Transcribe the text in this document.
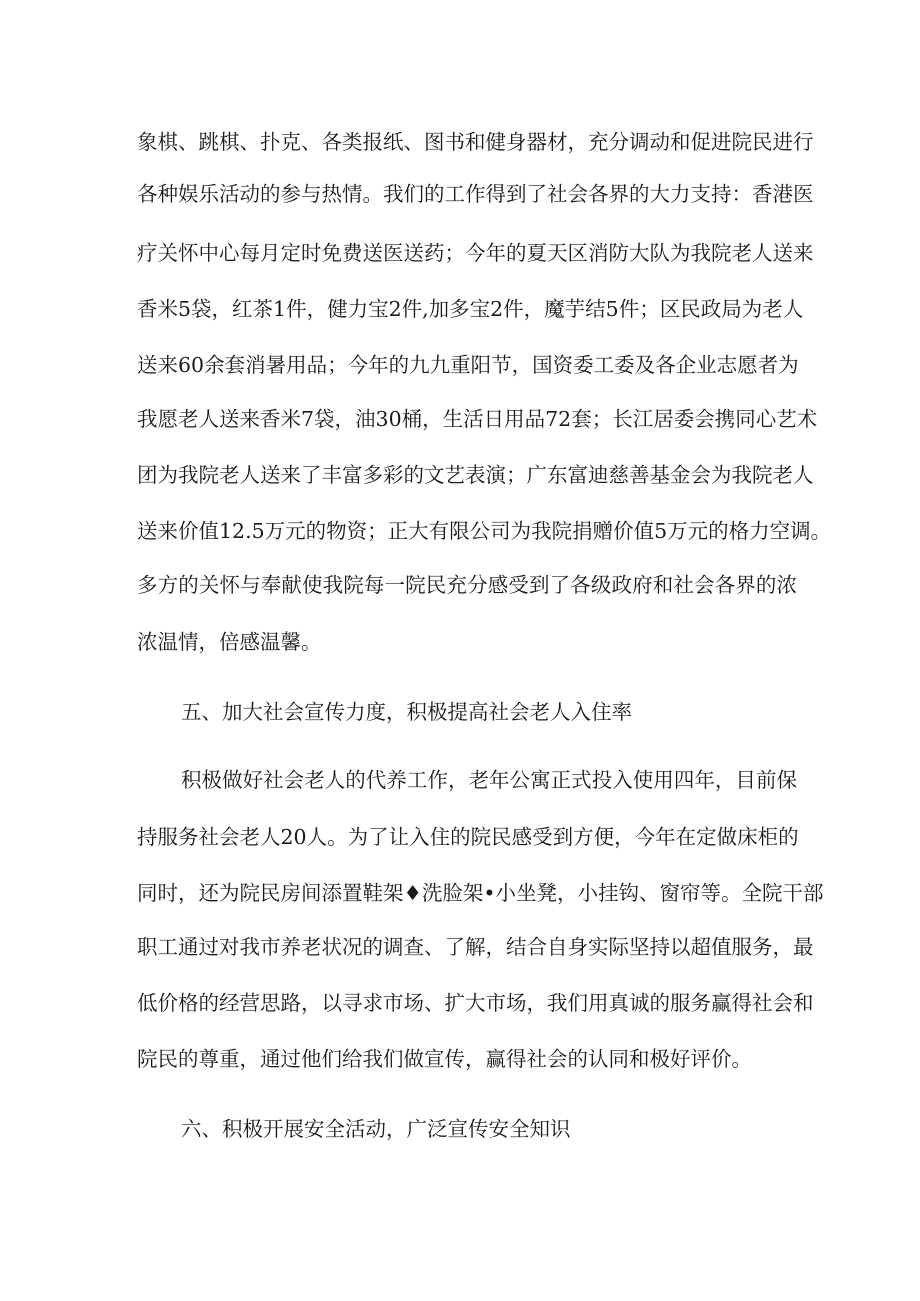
象棋、跳棋、扑克、各类报纸、图书和健身器材，充分调动和促进院民进行
各种娱乐活动的参与热情。我们的工作得到了社会各界的大力支持：香港医
疗关怀中心每月定时免费送医送药；今年的夏天区消防大队为我院老人送来
香米5袋，红茶1件，健力宝2件,加多宝2件，魔芋结5件；区民政局为老人
送来60余套消暑用品；今年的九九重阳节，国资委工委及各企业志愿者为
我愿老人送来香米7袋，油30桶，生活日用品72套；长江居委会携同心艺术
团为我院老人送来了丰富多彩的文艺表演；广东富迪慈善基金会为我院老人
送来价值12.5万元的物资；正大有限公司为我院捐赠价值5万元的格力空调。
多方的关怀与奉献使我院每一院民充分感受到了各级政府和社会各界的浓
浓温情，倍感温馨。
五、加大社会宣传力度，积极提高社会老人入住率
积极做好社会老人的代养工作，老年公寓正式投入使用四年，目前保
持服务社会老人20人。为了让入住的院民感受到方便，今年在定做床柜的
同时，还为院民房间添置鞋架♦洗脸架•小坐凳，小挂钩、窗帘等。全院干部
职工通过对我市养老状况的调查、了解，结合自身实际坚持以超值服务，最
低价格的经营思路，以寻求市场、扩大市场，我们用真诚的服务赢得社会和
院民的尊重，通过他们给我们做宣传，赢得社会的认同和极好评价。
六、积极开展安全活动，广泛宣传安全知识
